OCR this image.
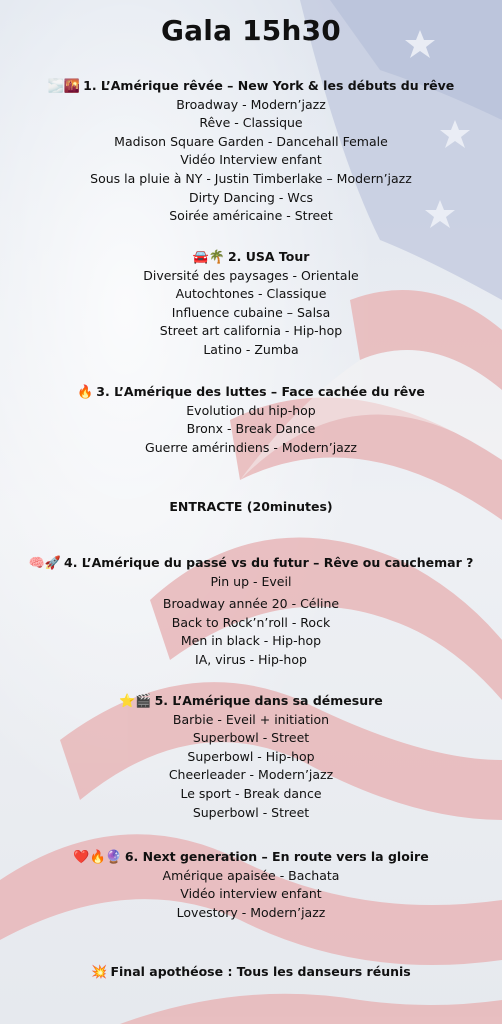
Gala 15h30
🌫️🌇 1. L’Amérique rêvée – New York & les débuts du rêve
Broadway - Modern’jazz
Rêve - Classique
Madison Square Garden - Dancehall Female
Vidéo Interview enfant
Sous la pluie à NY - Justin Timberlake – Modern’jazz
Dirty Dancing - Wcs
Soirée américaine - Street
🚘🌴 2. USA Tour
Diversité des paysages - Orientale
Autochtones - Classique
Influence cubaine – Salsa
Street art california - Hip-hop
Latino - Zumba
🔥 3. L’Amérique des luttes – Face cachée du rêve
Evolution du hip-hop
Bronx - Break Dance
Guerre amérindiens - Modern’jazz
ENTRACTE (20minutes)
🧠🚀 4. L’Amérique du passé vs du futur – Rêve ou cauchemar ?
Pin up - Eveil
Broadway année 20 - Céline
Back to Rock’n’roll - Rock
Men in black - Hip-hop
IA, virus - Hip-hop
⭐🎬 5. L’Amérique dans sa démesure
Barbie - Eveil + initiation
Superbowl - Street
Superbowl - Hip-hop
Cheerleader - Modern’jazz
Le sport - Break dance
Superbowl - Street
❤️🔥🔮 6. Next generation – En route vers la gloire
Amérique apaisée - Bachata
Vidéo interview enfant
Lovestory - Modern’jazz
💥 Final apothéose : Tous les danseurs réunis
